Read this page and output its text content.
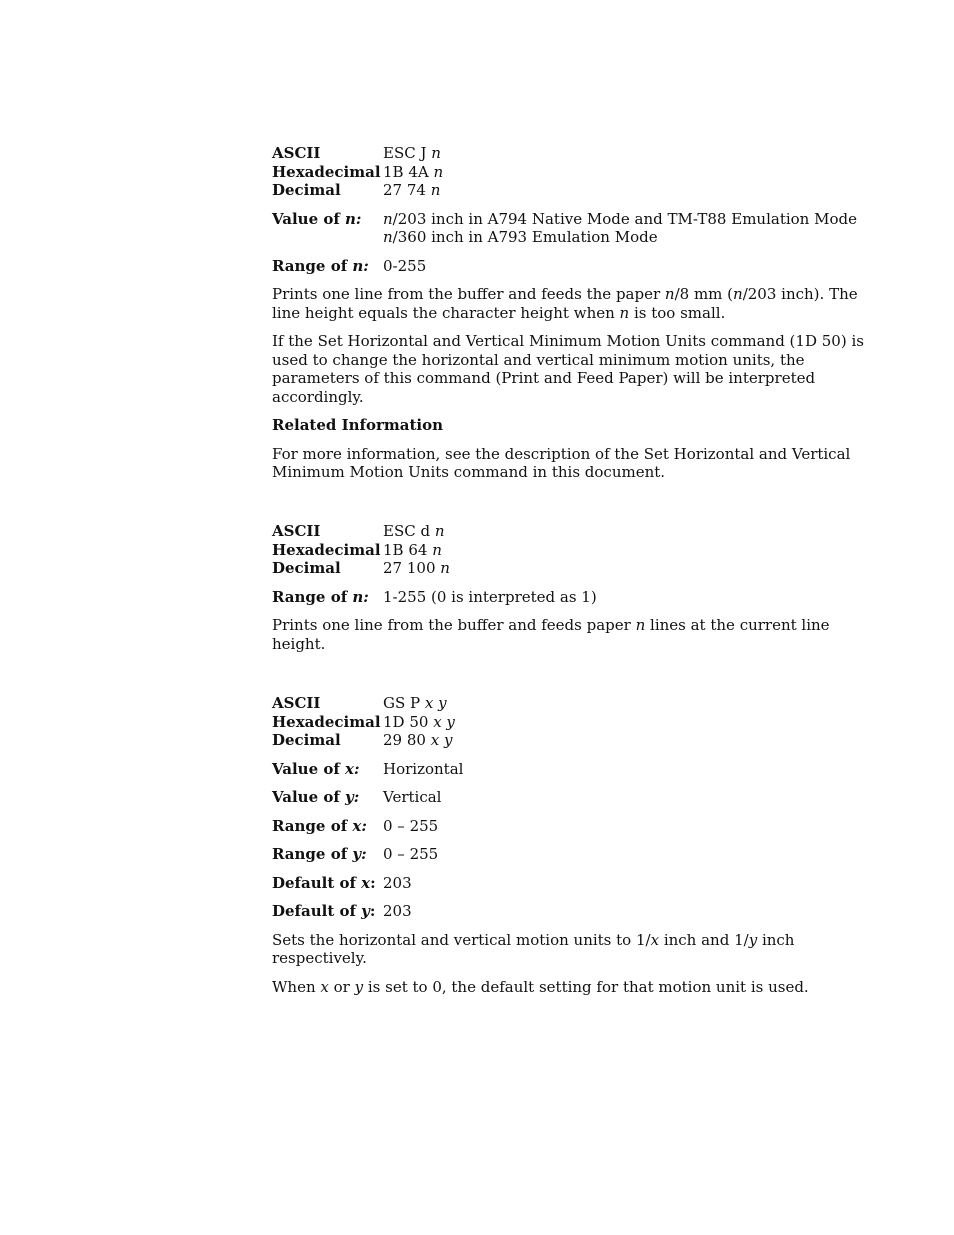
ASCII	ESC J n
Hexadecimal 1B 4A n
Decimal	27 74 n
Value of n:	n/203 inch in A794 Native Mode and TM-T88 Emulation Mode
n/360 inch in A793 Emulation Mode
Range of n: 0-255

Prints one line from the buffer and feeds the paper n/8 mm (n/203 inch). The line height equals the character height when n is too small.

If the Set Horizontal and Vertical Minimum Motion Units command (1D 50) is used to change the horizontal and vertical minimum motion units, the parameters of this command (Print and Feed Paper) will be interpreted accordingly.

Related Information

For more information, see the description of the Set Horizontal and Vertical Minimum Motion Units command in this document.

ASCII	ESC d n
Hexadecimal 1B 64 n
Decimal	27 100 n
Range of n: 1-255 (0 is interpreted as 1)

Prints one line from the buffer and feeds paper n lines at the current line height.

ASCII	GS P x y
Hexadecimal 1D 50 x y
Decimal	29 80 x y
Value of x:	Horizontal
Value of y:	Vertical
Range of x:	0 – 255
Range of y:	0 – 255
Default of x: 203
Default of y: 203

Sets the horizontal and vertical motion units to 1/x inch and 1/y inch respectively.

When x or y is set to 0, the default setting for that motion unit is used.
